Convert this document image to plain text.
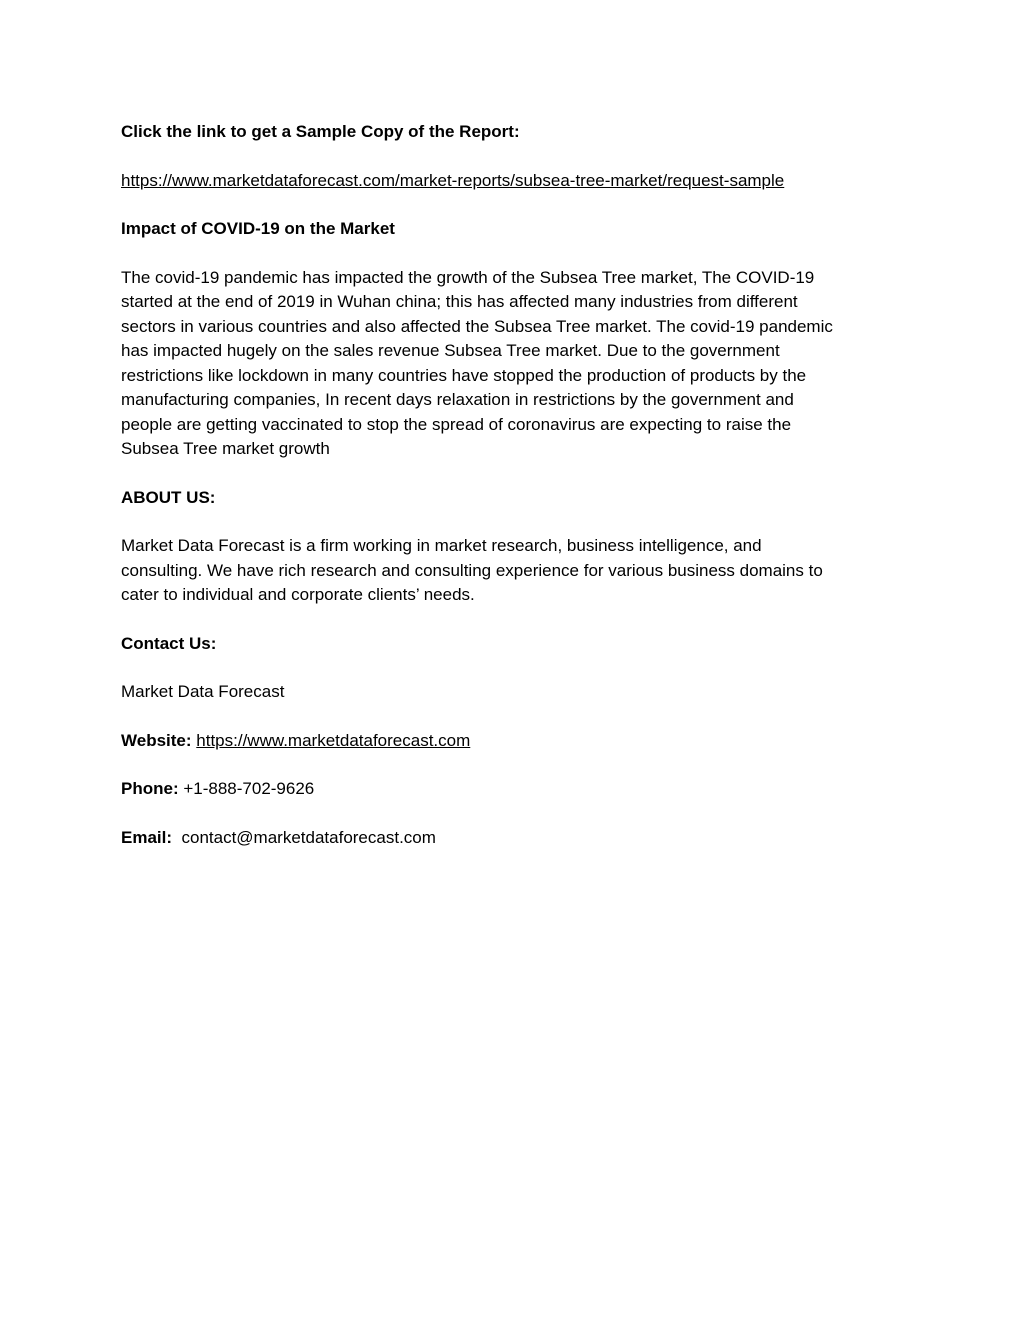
Click the link to get a Sample Copy of the Report:

https://www.marketdataforecast.com/market-reports/subsea-tree-market/request-sample

Impact of COVID-19 on the Market

The covid-19 pandemic has impacted the growth of the Subsea Tree market, The COVID-19
started at the end of 2019 in Wuhan china; this has affected many industries from different
sectors in various countries and also affected the Subsea Tree market. The covid-19 pandemic
has impacted hugely on the sales revenue Subsea Tree market. Due to the government
restrictions like lockdown in many countries have stopped the production of products by the
manufacturing companies, In recent days relaxation in restrictions by the government and
people are getting vaccinated to stop the spread of coronavirus are expecting to raise the
Subsea Tree market growth

ABOUT US:

Market Data Forecast is a firm working in market research, business intelligence, and
consulting. We have rich research and consulting experience for various business domains to
cater to individual and corporate clients’ needs.

Contact Us:

Market Data Forecast

Website: https://www.marketdataforecast.com

Phone: +1-888-702-9626

Email: contact@marketdataforecast.com
